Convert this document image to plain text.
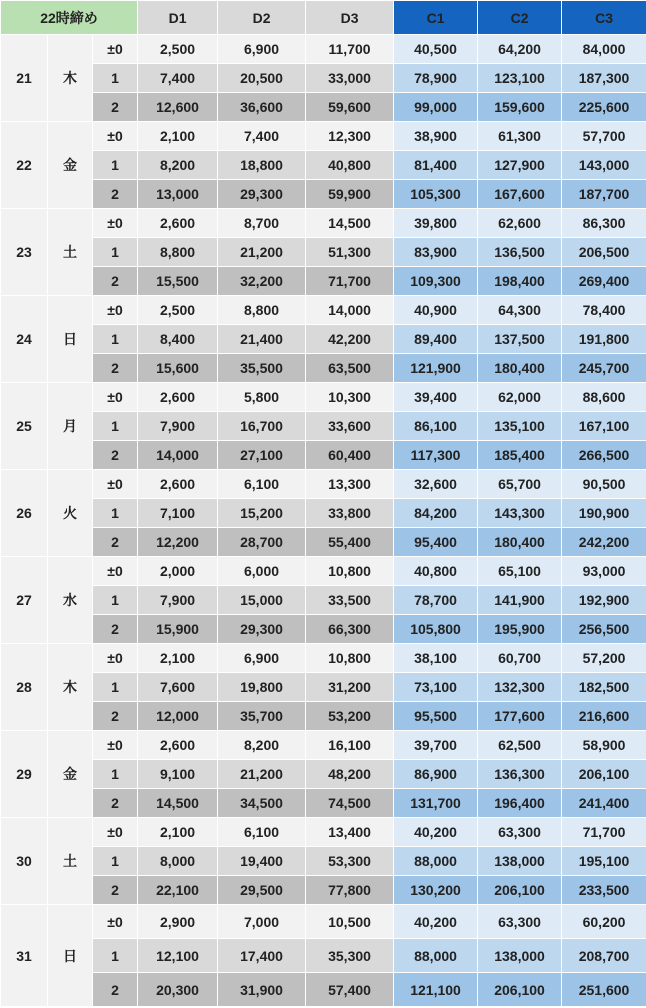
22時締め			D1	D2	D3	C1	C2	C3
21	木	±0	2,500	6,900	11,700	40,500	64,200	84,000
		1	7,400	20,500	33,000	78,900	123,100	187,300
		2	12,600	36,600	59,600	99,000	159,600	225,600
22	金	±0	2,100	7,400	12,300	38,900	61,300	57,700
		1	8,200	18,800	40,800	81,400	127,900	143,000
		2	13,000	29,300	59,900	105,300	167,600	187,700
23	土	±0	2,600	8,700	14,500	39,800	62,600	86,300
		1	8,800	21,200	51,300	83,900	136,500	206,500
		2	15,500	32,200	71,700	109,300	198,400	269,400
24	日	±0	2,500	8,800	14,000	40,900	64,300	78,400
		1	8,400	21,400	42,200	89,400	137,500	191,800
		2	15,600	35,500	63,500	121,900	180,400	245,700
25	月	±0	2,600	5,800	10,300	39,400	62,000	88,600
		1	7,900	16,700	33,600	86,100	135,100	167,100
		2	14,000	27,100	60,400	117,300	185,400	266,500
26	火	±0	2,600	6,100	13,300	32,600	65,700	90,500
		1	7,100	15,200	33,800	84,200	143,300	190,900
		2	12,200	28,700	55,400	95,400	180,400	242,200
27	水	±0	2,000	6,000	10,800	40,800	65,100	93,000
		1	7,900	15,000	33,500	78,700	141,900	192,900
		2	15,900	29,300	66,300	105,800	195,900	256,500
28	木	±0	2,100	6,900	10,800	38,100	60,700	57,200
		1	7,600	19,800	31,200	73,100	132,300	182,500
		2	12,000	35,700	53,200	95,500	177,600	216,600
29	金	±0	2,600	8,200	16,100	39,700	62,500	58,900
		1	9,100	21,200	48,200	86,900	136,300	206,100
		2	14,500	34,500	74,500	131,700	196,400	241,400
30	土	±0	2,100	6,100	13,400	40,200	63,300	71,700
		1	8,000	19,400	53,300	88,000	138,000	195,100
		2	22,100	29,500	77,800	130,200	206,100	233,500
31	日	±0	2,900	7,000	10,500	40,200	63,300	60,200
		1	12,100	17,400	35,300	88,000	138,000	208,700
		2	20,300	31,900	57,400	121,100	206,100	251,600
